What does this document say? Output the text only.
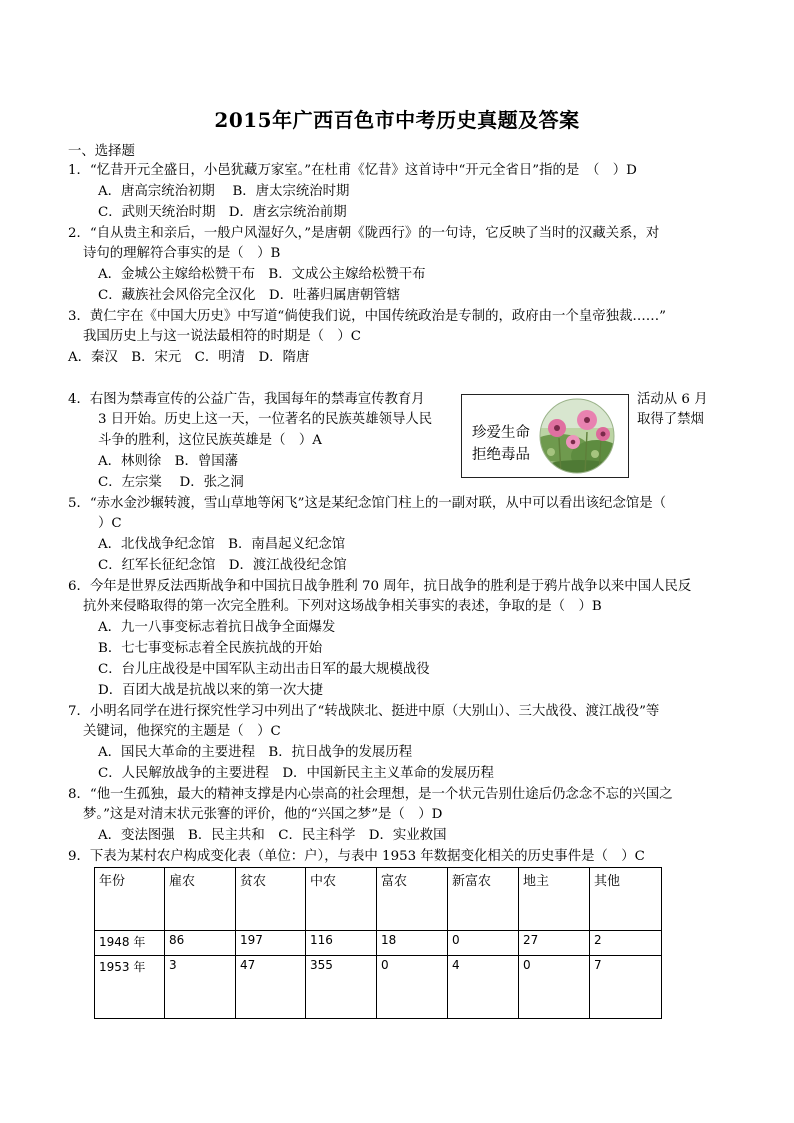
2015年广西百色市中考历史真题及答案
一、选择题
1．“忆昔开元全盛日，小邑犹藏万家室。”在杜甫《忆昔》这首诗中“开元全省日”指的是　（　）D
A．唐高宗统治初期　 B．唐太宗统治时期
C．武则天统治时期　D．唐玄宗统治前期
2．“自从贵主和亲后，一般户风湿好久，”是唐朝《陇西行》的一句诗，它反映了当时的汉藏关系，对
诗句的理解符合事实的是（　）B
A．金城公主嫁给松赞干布　B．文成公主嫁给松赞干布
C．藏族社会风俗完全汉化　D．吐蕃归属唐朝管辖
3．黄仁宇在《中国大历史》中写道“倘使我们说，中国传统政治是专制的，政府由一个皇帝独裁……”
我国历史上与这一说法最相符的时期是（　）C
A．秦汉　B．宋元　C．明清　D．隋唐
4．右图为禁毒宣传的公益广告，我国每年的禁毒宣传教育月	活动从 6 月
3 日开始。历史上这一天，一位著名的民族英雄领导人民	取得了禁烟
斗争的胜利，这位民族英雄是（　）A
A．林则徐　B．曾国藩
C．左宗棠　 D．张之洞
珍爱生命
拒绝毒品
5．“赤水金沙辗转渡，雪山草地等闲飞”这是某纪念馆门柱上的一副对联，从中可以看出该纪念馆是（
）C
A．北伐战争纪念馆　B．南昌起义纪念馆
C．红军长征纪念馆　D．渡江战役纪念馆
6．今年是世界反法西斯战争和中国抗日战争胜利 70 周年，抗日战争的胜利是于鸦片战争以来中国人民反
抗外来侵略取得的第一次完全胜利。下列对这场战争相关事实的表述，争取的是（　）B
A．九一八事变标志着抗日战争全面爆发
B．七七事变标志着全民族抗战的开始
C．台儿庄战役是中国军队主动出击日军的最大规模战役
D．百团大战是抗战以来的第一次大捷
7．小明名同学在进行探究性学习中列出了“转战陕北、挺进中原（大别山）、三大战役、渡江战役”等
关键词，他探究的主题是（　）C
A．国民大革命的主要进程　B．抗日战争的发展历程
C．人民解放战争的主要进程　D．中国新民主主义革命的发展历程
8．“他一生孤独，最大的精神支撑是内心崇高的社会理想，是一个状元告别仕途后仍念念不忘的兴国之
梦。”这是对清末状元张謇的评价，他的“兴国之梦”是（　）D
A．变法图强　B．民主共和　C．民主科学　D．实业救国
9．下表为某村农户构成变化表（单位：户），与表中 1953 年数据变化相关的历史事件是（　）C
年份	雇农	贫农	中农	富农	新富农	地主	其他
1948 年	86	197	116	18	0	27	2
1953 年	3	47	355	0	4	0	7
